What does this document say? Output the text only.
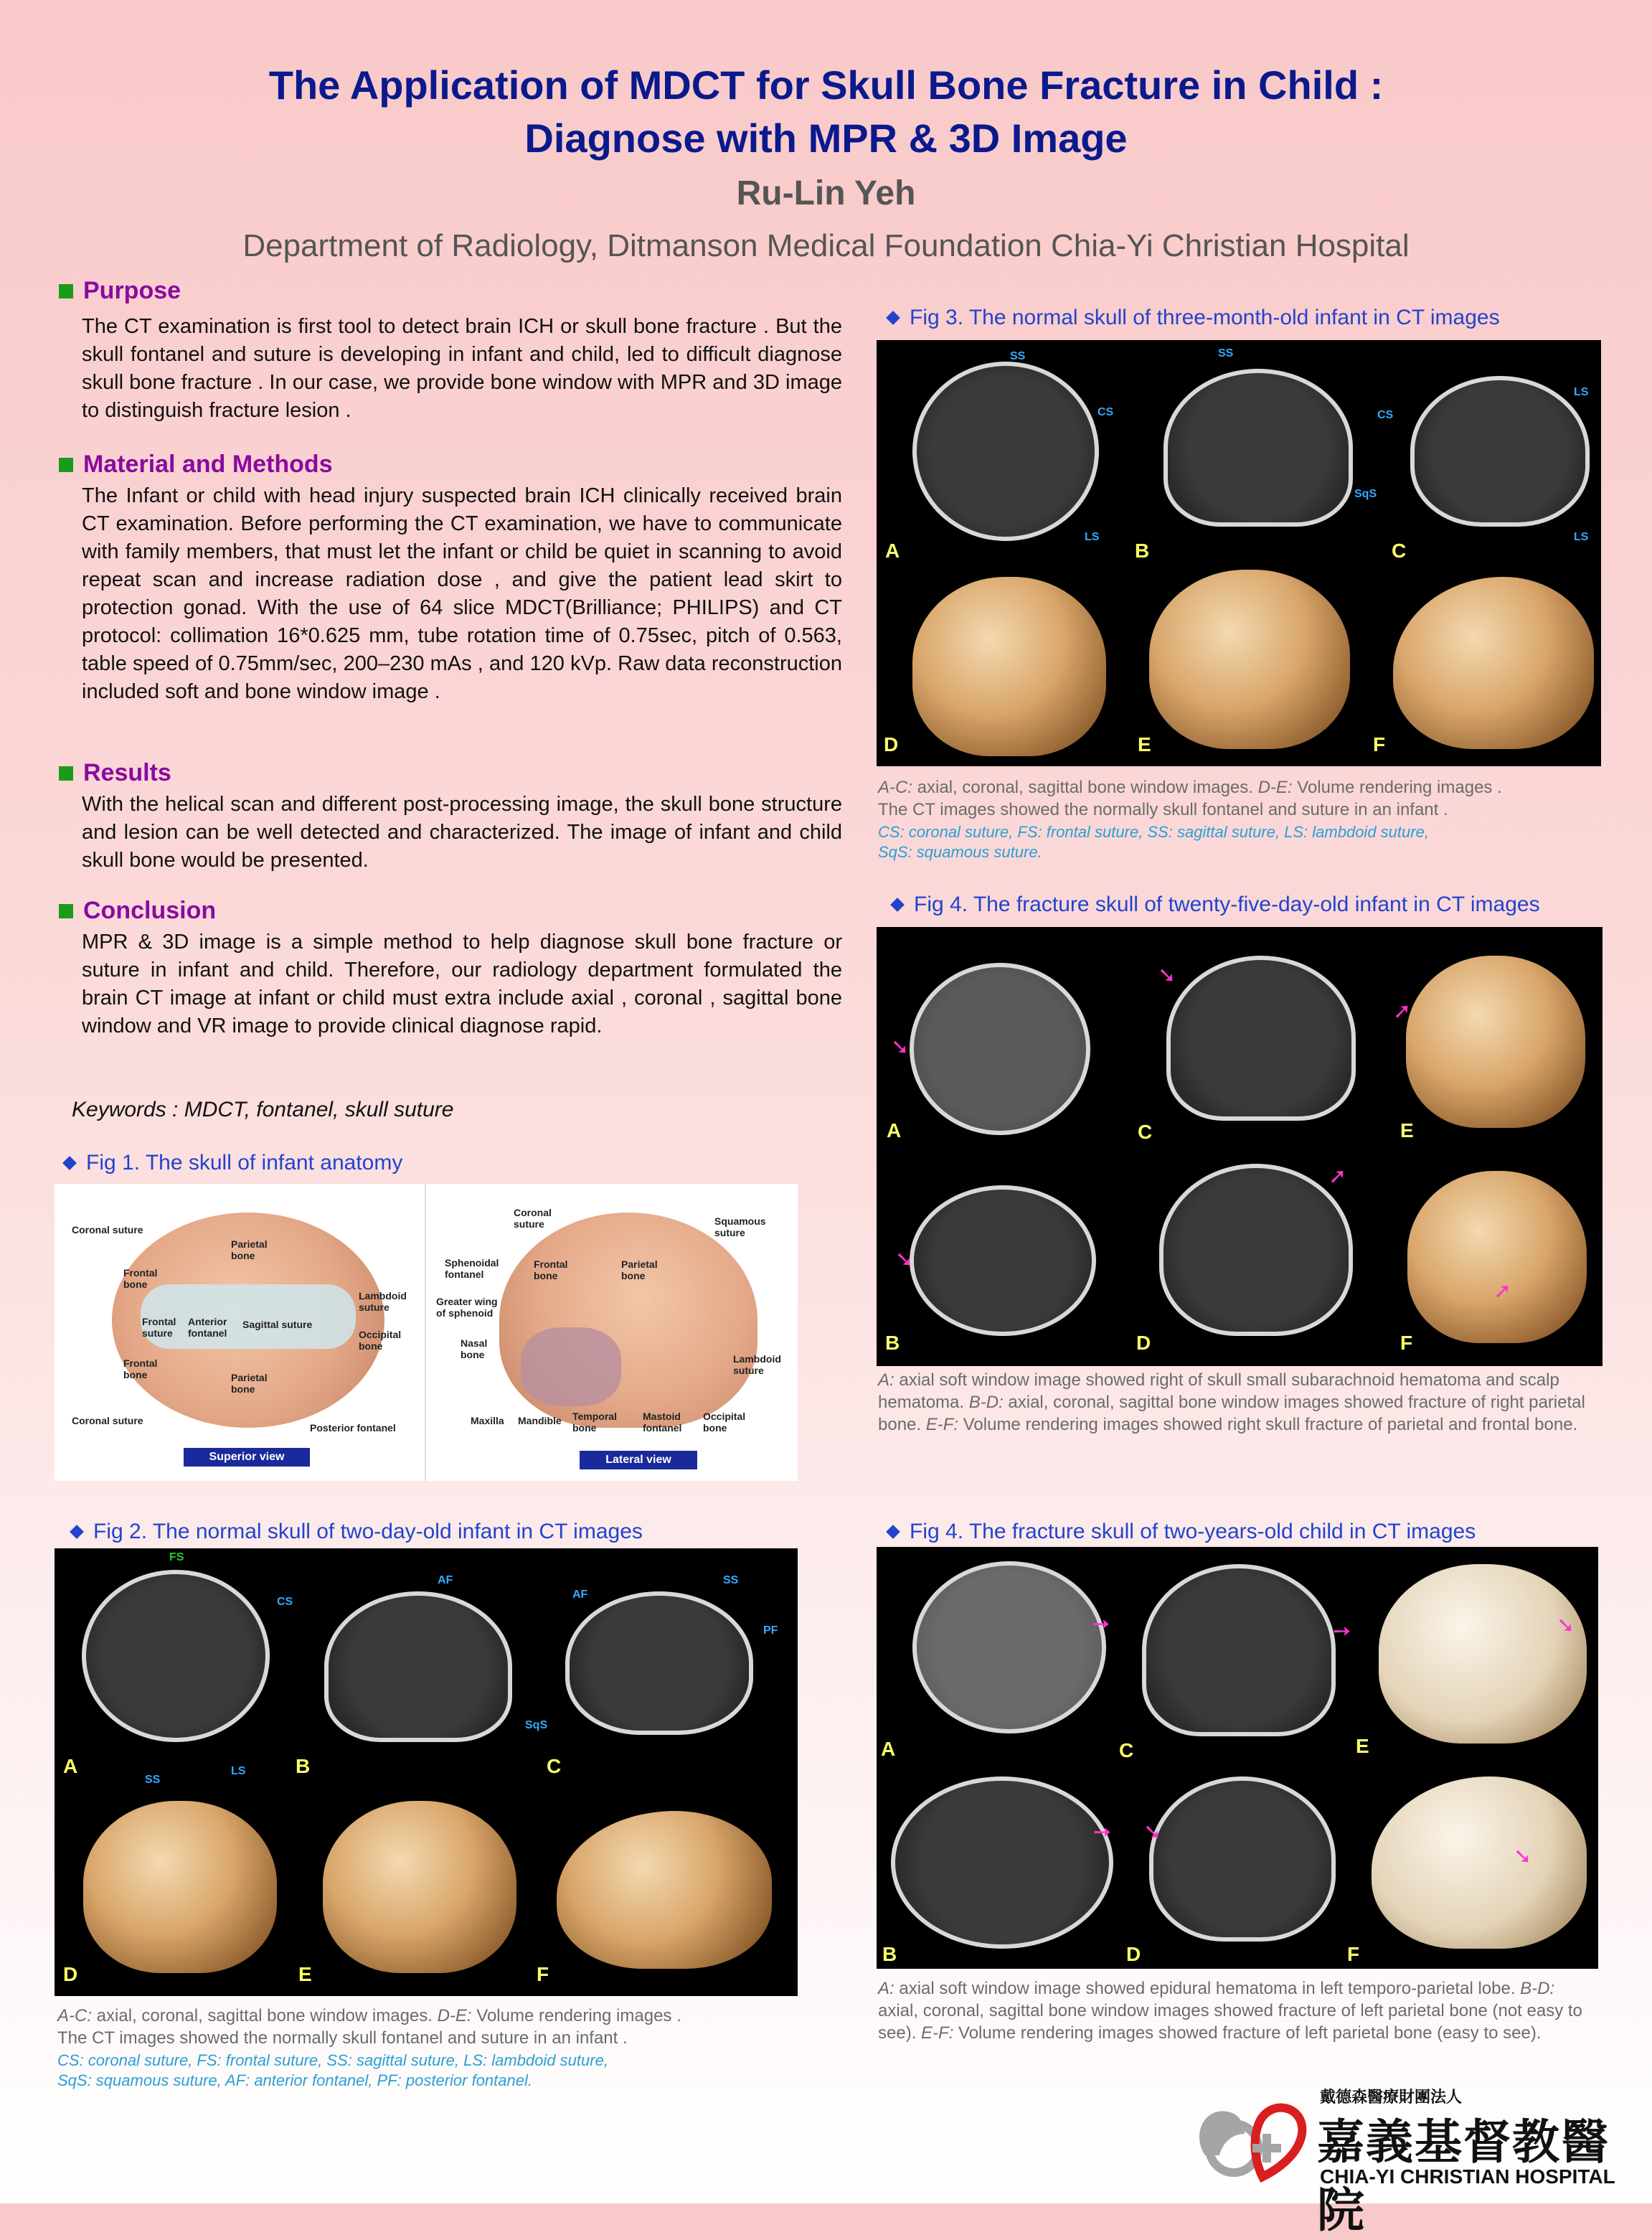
The Application of MDCT for Skull Bone Fracture in Child :
Diagnose with MPR & 3D Image
Ru-Lin Yeh
Department of Radiology, Ditmanson Medical Foundation Chia-Yi Christian Hospital
Purpose
The CT examination is first tool to detect brain ICH or skull bone fracture . But the skull fontanel and suture is developing in infant and child, led to difficult diagnose skull bone fracture . In our case, we provide bone window with MPR and 3D image to distinguish fracture lesion .
Material and Methods
The Infant or child with head injury suspected brain ICH clinically received brain CT examination. Before performing the CT examination, we have to communicate with family members, that must let the infant or child be quiet in scanning to avoid repeat scan and increase radiation dose , and give the patient lead skirt to protection gonad. With the use of 64 slice MDCT(Brilliance; PHILIPS) and CT protocol: collimation 16*0.625 mm, tube rotation time of 0.75sec, pitch of 0.563, table speed of 0.75mm/sec, 200–230 mAs , and 120 kVp. Raw data reconstruction included soft and bone window image .
Results
With the helical scan and different post-processing image, the skull bone structure and lesion can be well detected and characterized. The image of infant and child skull bone would be presented.
Conclusion
MPR & 3D image is a simple method to help diagnose skull bone fracture or suture in infant and child. Therefore, our radiology department formulated the brain CT image at infant or child must extra include axial , coronal , sagittal bone window and VR image to provide clinical diagnose rapid.
Keywords : MDCT, fontanel, skull suture
Fig 1. The skull of infant anatomy
Coronal suture
Parietal bone
Frontal bone
Lambdoid suture
Frontal suture
Anterior fontanel
Sagittal suture
Occipital bone
Frontal bone	Parietal bone
Coronal suture
Posterior fontanel
Superior view
Coronal suture	Squamous suture
Sphenoidal fontanel
Frontal bone
Parietal bone
Greater wing of sphenoid
Nasal bone	Lambdoid suture
Maxilla Mandible Temporal bone
Mastoid fontanel
Occipital bone
Lateral view
Fig 2. The normal skull of two-day-old infant in CT images
A	B	C
D	E	F
FS
CS
AF	SS
AF
PF
SqS
SS
LS
A-C: axial, coronal, sagittal bone window images. D-E: Volume rendering images .
The CT images showed the normally skull fontanel and suture in an infant .
CS: coronal suture, FS: frontal suture, SS: sagittal suture, LS: lambdoid suture,
SqS: squamous suture, AF: anterior fontanel, PF: posterior fontanel.
Fig 3. The normal skull of three-month-old infant in CT images
A	B	C
D	E	F
SS
CS
SS
SqS
LS
CS
LS
LS
A-C: axial, coronal, sagittal bone window images. D-E: Volume rendering images .
The CT images showed the normally skull fontanel and suture in an infant .
CS: coronal suture, FS: frontal suture, SS: sagittal suture, LS: lambdoid suture,
SqS: squamous suture.
Fig 4. The fracture skull of twenty-five-day-old infant in CT images
A	C	E
B	D	F
➘
➘
➚
➘
➚
➚
A: axial soft window image showed right of skull small subarachnoid hematoma and scalp hematoma. B-D: axial, coronal, sagittal bone window images showed fracture of right parietal bone. E-F: Volume rendering images showed right skull fracture of parietal and frontal bone.
Fig 4. The fracture skull of two-years-old child in CT images
A	C	E
B	D	F
➙	➙	➘
➙ ➘
➘
A: axial soft window image showed epidural hematoma in left temporo-parietal lobe. B-D: axial, coronal, sagittal bone window images showed fracture of left parietal bone (not easy to see). E-F: Volume rendering images showed fracture of left parietal bone (easy to see).
戴德森醫療財團法人
嘉義基督教醫院
CHIA-YI CHRISTIAN HOSPITAL
